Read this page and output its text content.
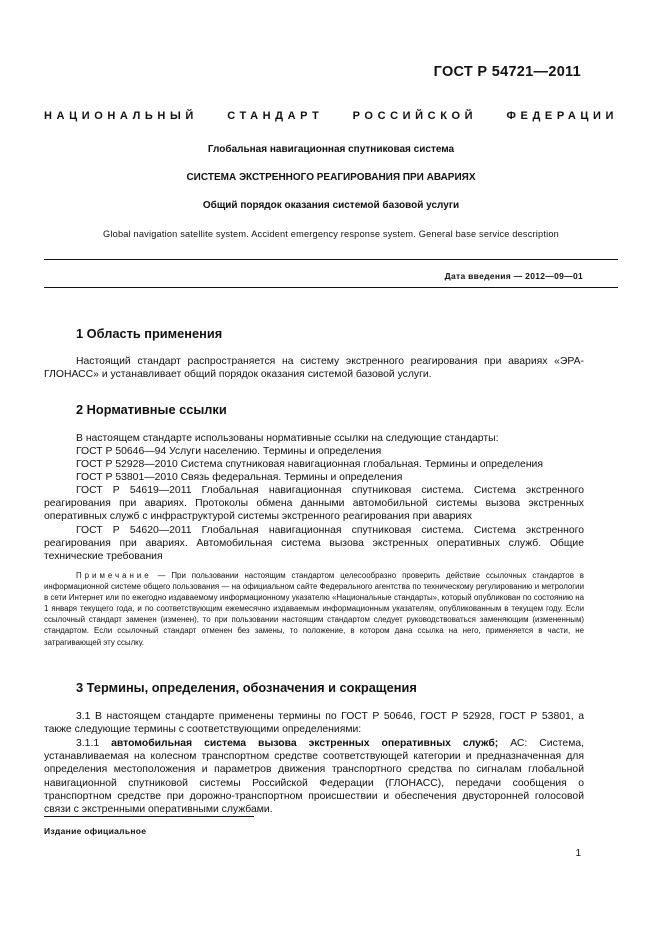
ГОСТ Р 54721—2011
НАЦИОНАЛЬНЫЙ	СТАНДАРТ	РОССИЙСКОЙ	ФЕДЕРАЦИИ
Глобальная навигационная спутниковая система
СИСТЕМА ЭКСТРЕННОГО РЕАГИРОВАНИЯ ПРИ АВАРИЯХ
Общий порядок оказания системой базовой услуги
Global navigation satellite system. Accident emergency response system. General base service description
Дата введения — 2012—09—01
1 Область применения
Настоящий стандарт распространяется на систему экстренного реагирования при авариях «ЭРА-ГЛОНАСС» и устанавливает общий порядок оказания системой базовой услуги.
2 Нормативные ссылки
В настоящем стандарте использованы нормативные ссылки на следующие стандарты:
ГОСТ Р 50646—94 Услуги населению. Термины и определения
ГОСТ Р 52928—2010 Система спутниковая навигационная глобальная. Термины и определения
ГОСТ Р 53801—2010 Связь федеральная. Термины и определения
ГОСТ Р 54619—2011 Глобальная навигационная спутниковая система. Система экстренного реагирования при авариях. Протоколы обмена данными автомобильной системы вызова экстренных оперативных служб с инфраструктурой системы экстренного реагирования при авариях
ГОСТ Р 54620—2011 Глобальная навигационная спутниковая система. Система экстренного реагирования при авариях. Автомобильная система вызова экстренных оперативных служб. Общие технические требования
Примечание — При пользовании настоящим стандартом целесообразно проверить действие ссылочных стандартов в информационной системе общего пользования — на официальном сайте Федерального агентства по техническому регулированию и метрологии в сети Интернет или по ежегодно издаваемому информационному указателю «Национальные стандарты», который опубликован по состоянию на 1 января текущего года, и по соответствующим ежемесячно издаваемым информационным указателям, опубликованным в текущем году. Если ссылочный стандарт заменен (изменен), то при пользовании настоящим стандартом следует руководствоваться заменяющим (измененным) стандартом. Если ссылочный стандарт отменен без замены, то положение, в котором дана ссылка на него, применяется в части, не затрагивающей эту ссылку.
3 Термины, определения, обозначения и сокращения
3.1 В настоящем стандарте применены термины по ГОСТ Р 50646, ГОСТ Р 52928, ГОСТ Р 53801, а также следующие термины с соответствующими определениями:
3.1.1 автомобильная система вызова экстренных оперативных служб; АС: Система, устанавливаемая на колесном транспортном средстве соответствующей категории и предназначенная для определения местоположения и параметров движения транспортного средства по сигналам глобальной навигационной спутниковой системы Российской Федерации (ГЛОНАСС), передачи сообщения о транспортном средстве при дорожно-транспортном происшествии и обеспечения двусторонней голосовой связи с экстренными оперативными службами.
Издание официальное
1
